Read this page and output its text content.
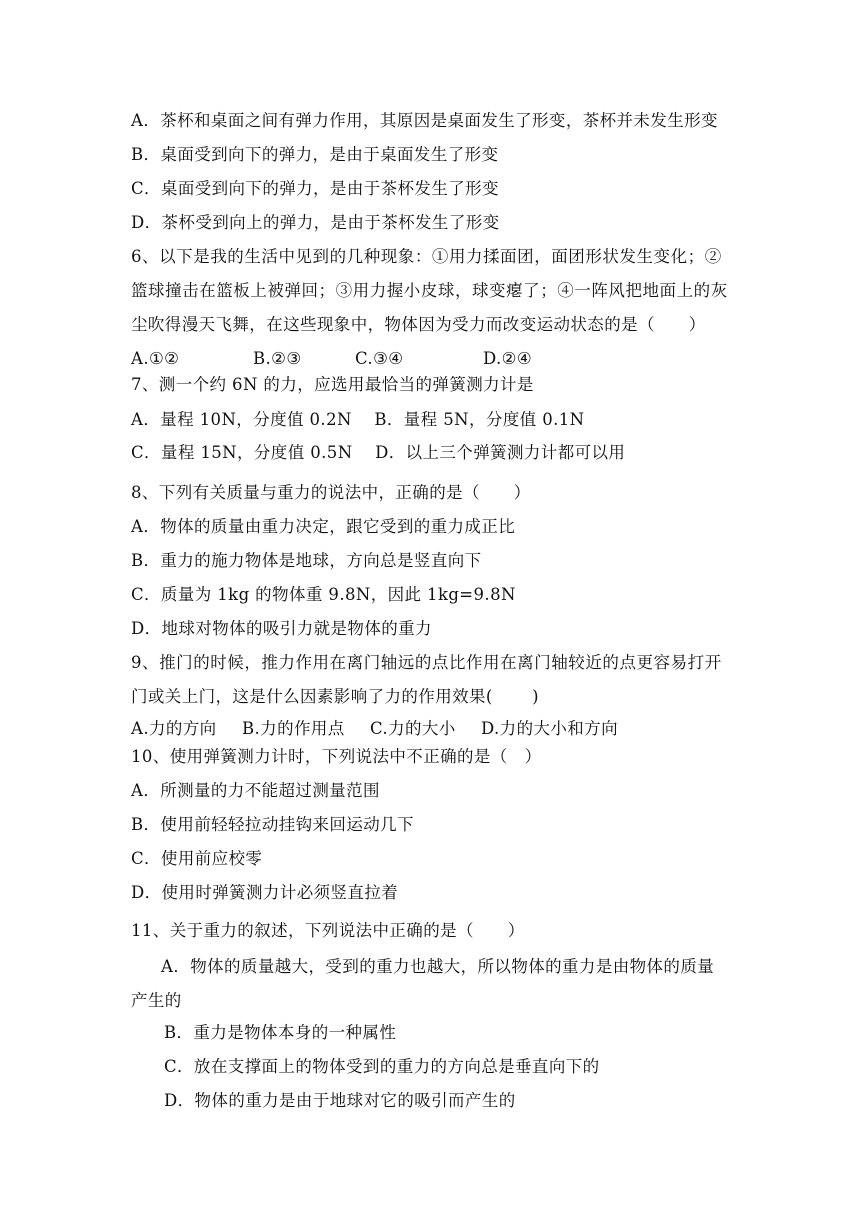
A．茶杯和桌面之间有弹力作用，其原因是桌面发生了形变，茶杯并未发生形变
B．桌面受到向下的弹力，是由于桌面发生了形变
C．桌面受到向下的弹力，是由于茶杯发生了形变
D．茶杯受到向上的弹力，是由于茶杯发生了形变
6、以下是我的生活中见到的几种现象：①用力揉面团，面团形状发生变化；②
篮球撞击在篮板上被弹回；③用力握小皮球，球变瘪了；④一阵风把地面上的灰
尘吹得漫天飞舞，在这些现象中，物体因为受力而改变运动状态的是（　　）
A.①②	B.②③	C.③④	D.②④
7、测一个约 6N 的力，应选用最恰当的弹簧测力计是
A．量程 10N，分度值 0.2N　 B．量程 5N，分度值 0.1N
C．量程 15N，分度值 0.5N　 D．以上三个弹簧测力计都可以用
8、下列有关质量与重力的说法中，正确的是（　　）
A．物体的质量由重力决定，跟它受到的重力成正比
B．重力的施力物体是地球，方向总是竖直向下
C．质量为 1kg 的物体重 9.8N，因此 1kg=9.8N
D．地球对物体的吸引力就是物体的重力
9、推门的时候，推力作用在离门轴远的点比作用在离门轴较近的点更容易打开
门或关上门，这是什么因素影响了力的作用效果(　　 )
A.力的方向 B.力的作用点 C.力的大小 D.力的大小和方向
10、使用弹簧测力计时，下列说法中不正确的是（　）
A．所测量的力不能超过测量范围
B．使用前轻轻拉动挂钩来回运动几下
C．使用前应校零
D．使用时弹簧测力计必须竖直拉着
11、关于重力的叙述，下列说法中正确的是（　　）
A．物体的质量越大，受到的重力也越大，所以物体的重力是由物体的质量
产生的
B．重力是物体本身的一种属性
C．放在支撑面上的物体受到的重力的方向总是垂直向下的
D．物体的重力是由于地球对它的吸引而产生的
